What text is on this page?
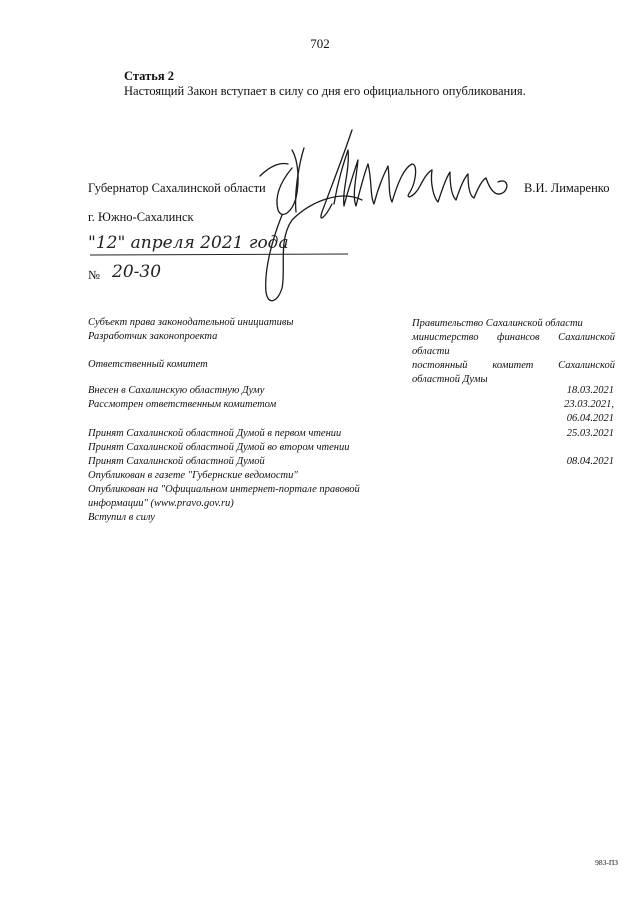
702
Статья 2
Настоящий Закон вступает в силу со дня его официального опубликования.
Губернатор Сахалинской области	В.И. Лимаренко
г. Южно-Сахалинск
"12" апреля 2021 года
№ 20-30
Субъект права законодательной инициативы	Правительство Сахалинской области
Разработчик законопроекта	министерство финансов Сахалинской области
Ответственный комитет	постоянный комитет Сахалинской областной Думы
Внесен в Сахалинскую областную Думу	18.03.2021
Рассмотрен ответственным комитетом	23.03.2021,
06.04.2021
Принят Сахалинской областной Думой в первом чтении	25.03.2021
Принят Сахалинской областной Думой во втором чтении
Принят Сахалинской областной Думой	08.04.2021
Опубликован в газете "Губернские ведомости"
Опубликован на "Официальном интернет-портале правовой
информации" (www.pravo.gov.ru)
Вступил в силу
983-ПЗ
